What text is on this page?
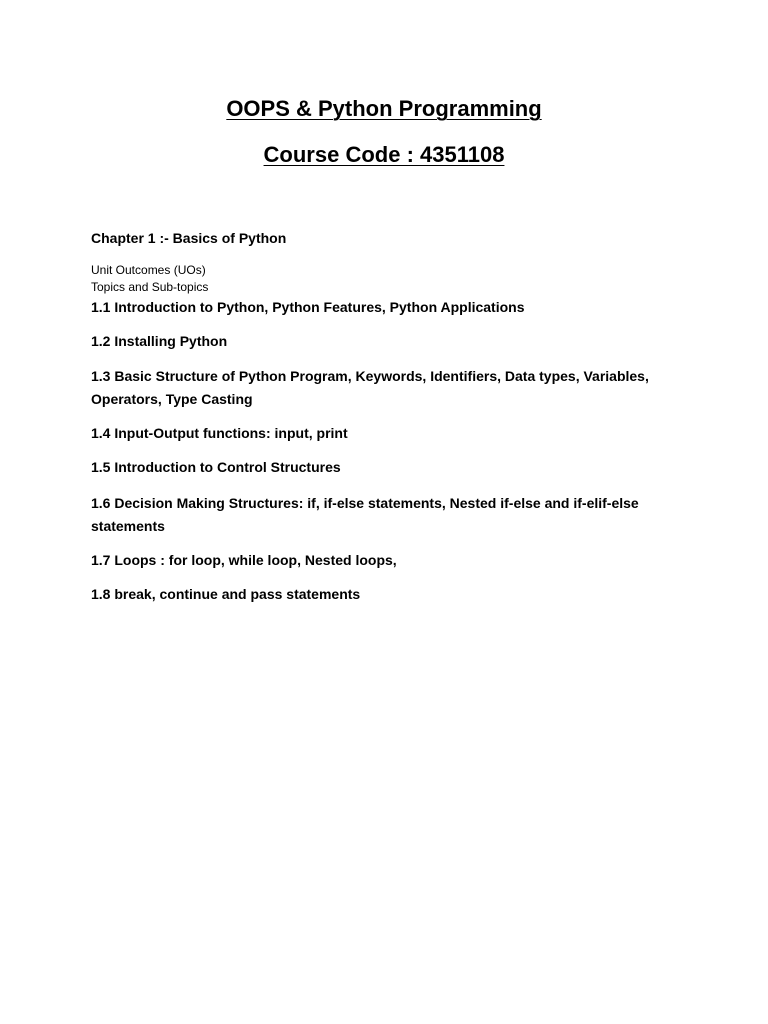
OOPS & Python Programming
Course Code : 4351108

Chapter 1 :- Basics of Python

Unit Outcomes (UOs)

Topics and Sub-topics

1.1 Introduction to Python, Python Features, Python Applications

1.2 Installing Python

1.3 Basic Structure of Python Program, Keywords, Identifiers, Data types, Variables, Operators, Type Casting

1.4 Input-Output functions: input, print

1.5 Introduction to Control Structures

1.6 Decision Making Structures: if, if-else statements, Nested if-else and if-elif-else statements

1.7 Loops : for loop, while loop, Nested loops,

1.8 break, continue and pass statements
